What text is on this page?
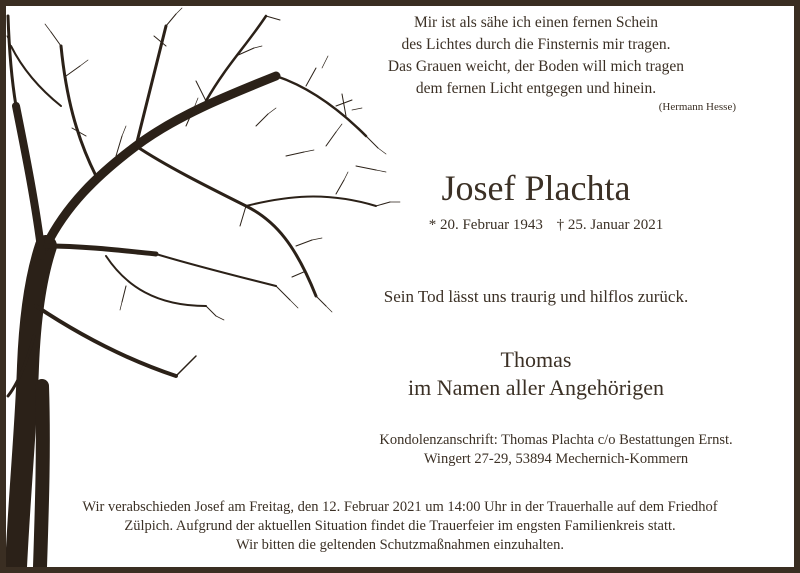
Mir ist als sähe ich einen fernen Schein
des Lichtes durch die Finsternis mir tragen.
Das Grauen weicht, der Boden will mich tragen
dem fernen Licht entgegen und hinein.
(Hermann Hesse)
Josef Plachta
* 20. Februar 1943 † 25. Januar 2021
Sein Tod lässt uns traurig und hilflos zurück.
Thomas
im Namen aller Angehörigen
Kondolenzanschrift: Thomas Plachta c/o Bestattungen Ernst.
Wingert 27-29, 53894 Mechernich-Kommern
Wir verabschieden Josef am Freitag, den 12. Februar 2021 um 14:00 Uhr in der Trauerhalle auf dem Friedhof
Zülpich. Aufgrund der aktuellen Situation findet die Trauerfeier im engsten Familienkreis statt.
Wir bitten die geltenden Schutzmaßnahmen einzuhalten.
